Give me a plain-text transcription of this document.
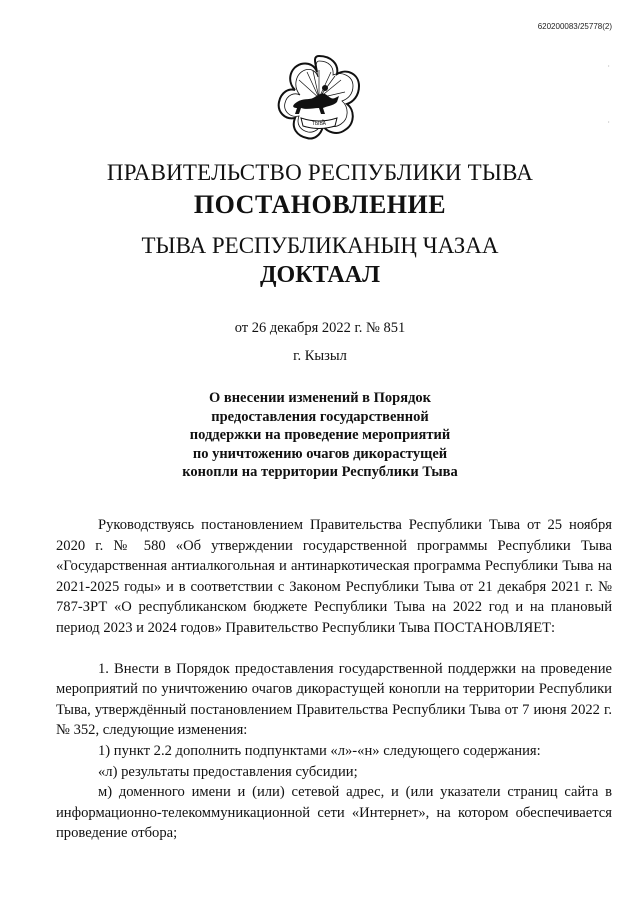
620200083/25778(2)
ТЫВА
ПРАВИТЕЛЬСТВО РЕСПУБЛИКИ ТЫВА
ПОСТАНОВЛЕНИЕ
ТЫВА РЕСПУБЛИКАНЫҢ ЧАЗАА
ДОКТААЛ
от 26 декабря 2022 г. № 851
г. Кызыл
О внесении изменений в Порядок
предоставления государственной
поддержки на проведение мероприятий
по уничтожению очагов дикорастущей
конопли на территории Республики Тыва

Руководствуясь постановлением Правительства Республики Тыва от 25 ноября 2020 г. № 580 «Об утверждении государственной программы Республики Тыва «Государственная антиалкогольная и антинаркотическая программа Республики Тыва на 2021-2025 годы» и в соответствии с Законом Республики Тыва от 21 декабря 2021 г. № 787-ЗРТ «О республиканском бюджете Республики Тыва на 2022 год и на плановый период 2023 и 2024 годов» Правительство Республики Тыва ПОСТАНОВЛЯЕТ:

1. Внести в Порядок предоставления государственной поддержки на проведение мероприятий по уничтожению очагов дикорастущей конопли на территории Республики Тыва, утверждённый постановлением Правительства Республики Тыва от 7 июня 2022 г. № 352, следующие изменения:

1) пункт 2.2 дополнить подпунктами «л»-«н» следующего содержания:

«л) результаты предоставления субсидии;

м) доменного имени и (или) сетевой адрес, и (или указатели страниц сайта в информационно-телекоммуникационной сети «Интернет», на котором обеспечивается проведение отбора;

·
·
